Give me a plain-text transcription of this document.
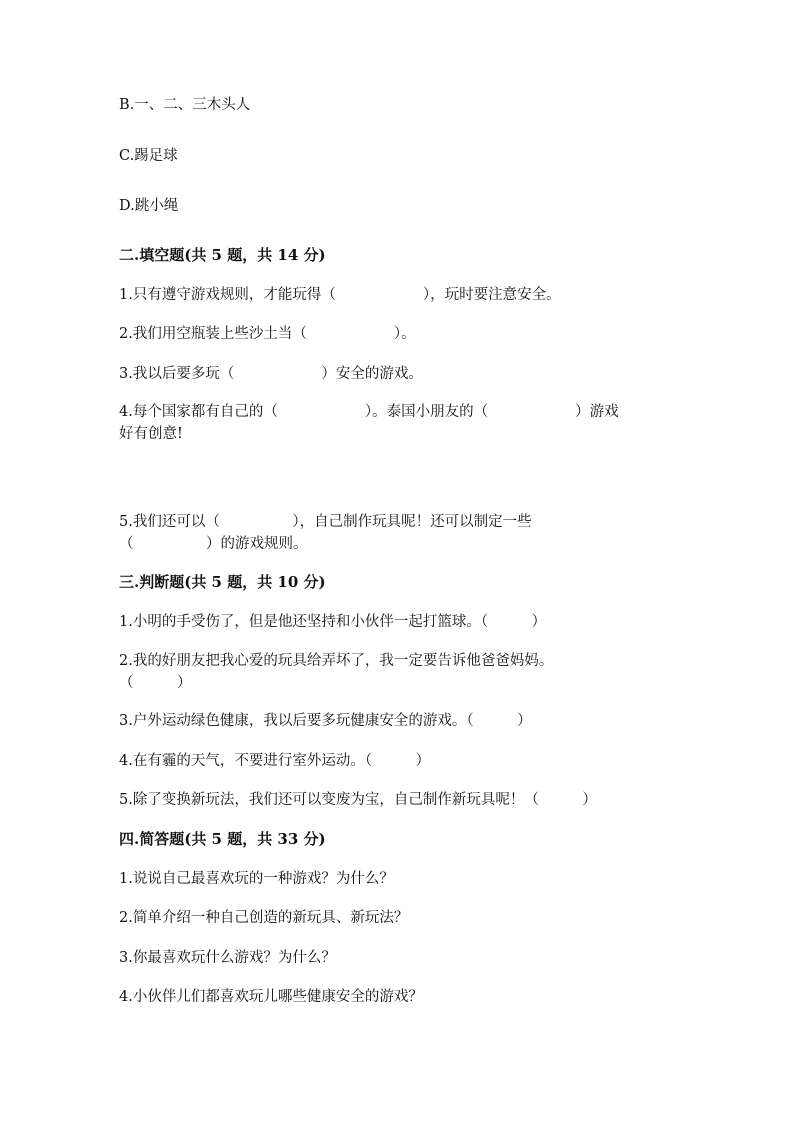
B.一、二、三木头人
C.踢足球
D.跳小绳
二.填空题(共 5 题，共 14 分)
1.只有遵守游戏规则，才能玩得（　　　　　　），玩时要注意安全。
2.我们用空瓶装上些沙土当（　　　　　　）。
3.我以后要多玩（　　　　　　）安全的游戏。
4.每个国家都有自己的（　　　　　　）。泰国小朋友的（　　　　　　）游戏
好有创意!
5.我们还可以（　　　　　），自己制作玩具呢！还可以制定一些
（　　　　　）的游戏规则。
三.判断题(共 5 题，共 10 分)
1.小明的手受伤了，但是他还坚持和小伙伴一起打篮球。（　　　）
2.我的好朋友把我心爱的玩具给弄坏了，我一定要告诉他爸爸妈妈。
（　　　）
3.户外运动绿色健康，我以后要多玩健康安全的游戏。（　　　）
4.在有霾的天气，不要进行室外运动。（　　　）
5.除了变换新玩法，我们还可以变废为宝，自己制作新玩具呢！（　　　）
四.简答题(共 5 题，共 33 分)
1.说说自己最喜欢玩的一种游戏？为什么？
2.简单介绍一种自己创造的新玩具、新玩法？
3.你最喜欢玩什么游戏？为什么？
4.小伙伴儿们都喜欢玩儿哪些健康安全的游戏？
